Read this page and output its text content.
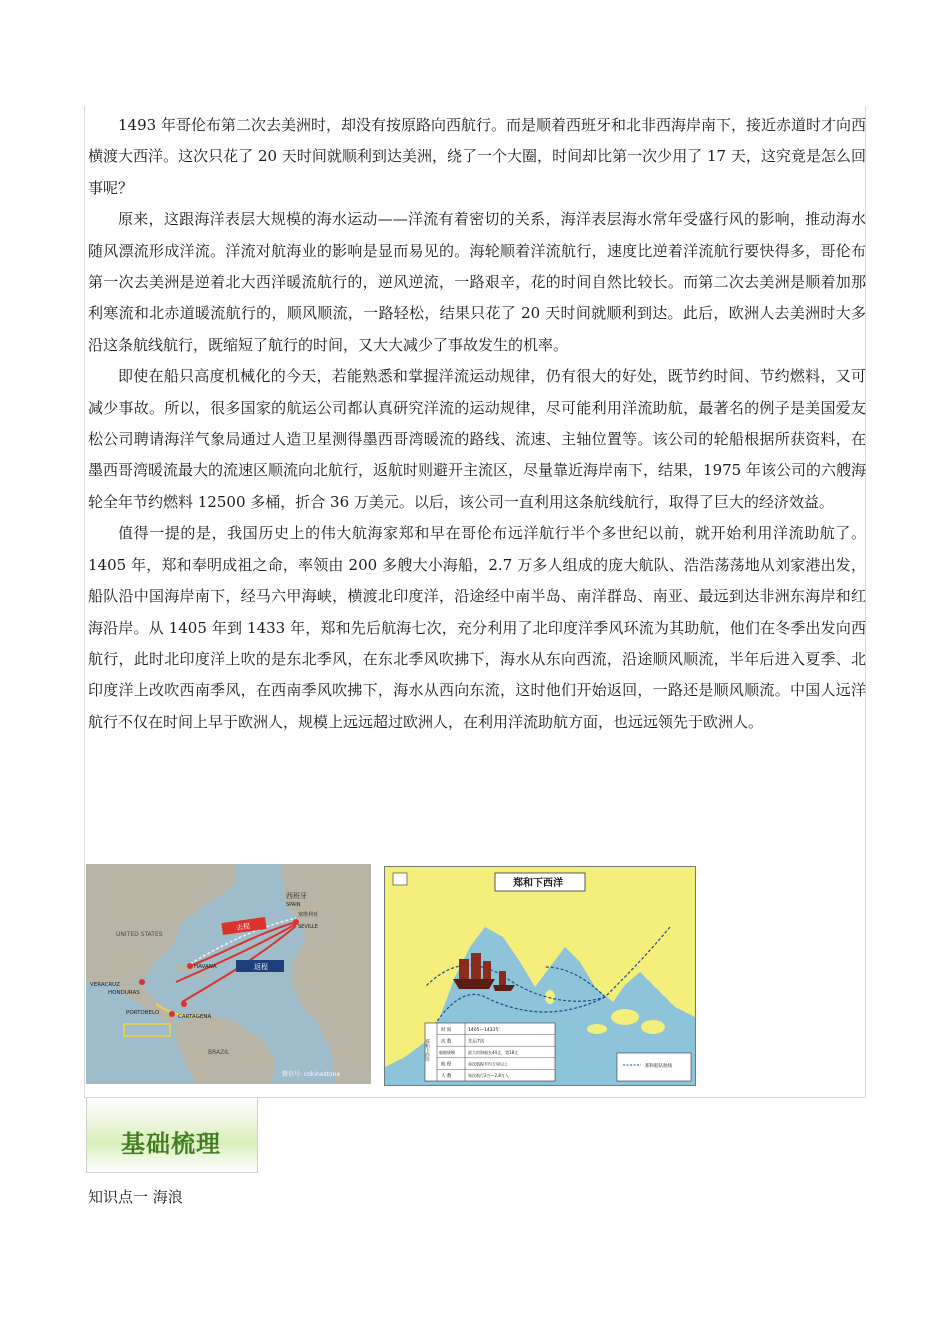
1493 年哥伦布第二次去美洲时，却没有按原路向西航行。而是顺着西班牙和北非西海岸南下，接近赤道时才向西横渡大西洋。这次只花了 20 天时间就顺利到达美洲，绕了一个大圈，时间却比第一次少用了 17 天，这究竟是怎么回事呢？

原来，这跟海洋表层大规模的海水运动——洋流有着密切的关系，海洋表层海水常年受盛行风的影响，推动海水随风漂流形成洋流。洋流对航海业的影响是显而易见的。海轮顺着洋流航行，速度比逆着洋流航行要快得多，哥伦布第一次去美洲是逆着北大西洋暖流航行的，逆风逆流，一路艰辛，花的时间自然比较长。而第二次去美洲是顺着加那利寒流和北赤道暖流航行的，顺风顺流，一路轻松，结果只花了 20 天时间就顺利到达。此后，欧洲人去美洲时大多沿这条航线航行，既缩短了航行的时间，又大大减少了事故发生的机率。

即使在船只高度机械化的今天，若能熟悉和掌握洋流运动规律，仍有很大的好处，既节约时间、节约燃料，又可减少事故。所以，很多国家的航运公司都认真研究洋流的运动规律，尽可能利用洋流助航，最著名的例子是美国爱友松公司聘请海洋气象局通过人造卫星测得墨西哥湾暖流的路线、流速、主轴位置等。该公司的轮船根据所获资料，在墨西哥湾暖流最大的流速区顺流向北航行，返航时则避开主流区，尽量靠近海岸南下，结果，1975 年该公司的六艘海轮全年节约燃料 12500 多桶，折合 36 万美元。以后，该公司一直利用这条航线航行，取得了巨大的经济效益。

值得一提的是，我国历史上的伟大航海家郑和早在哥伦布远洋航行半个多世纪以前，就开始利用洋流助航了。1405 年，郑和奉明成祖之命，率领由 200 多艘大小海船，2.7 万多人组成的庞大航队、浩浩荡荡地从刘家港出发，船队沿中国海岸南下，经马六甲海峡，横渡北印度洋，沿途经中南半岛、南洋群岛、南亚、最远到达非洲东海岸和红海沿岸。从 1405 年到 1433 年，郑和先后航海七次，充分利用了北印度洋季风环流为其助航，他们在冬季出发向西航行，此时北印度洋上吹的是东北季风，在东北季风吹拂下，海水从东向西流，沿途顺风顺流，半年后进入夏季、北印度洋上改吹西南季风，在西南季风吹拂下，海水从西向东流，这时他们开始返回，一路还是顺风顺流。中国人远洋航行不仅在时间上早于欧洲人，规模上远远超过欧洲人，在利用洋流助航方面，也远远领先于欧洲人。

UNITED STATES
VERACRUZ
HAVANA
HONDURAS
PORTOBELO
CARTAGENA
BRAZIL
西班牙
SPAIN
塞维利亚
SEVILLE
去程
返程
微信号: cokinestone
郑和下西洋
郑和下西洋
时 间	1405—1433年
次 数	先后7次
船舶规模	最大的海船长44丈，宽18丈
航 程	每次航程平均万里以上
人 数	每次航行2万—2.8万人
郑和船队航线
基础梳理
知识点一 海浪
